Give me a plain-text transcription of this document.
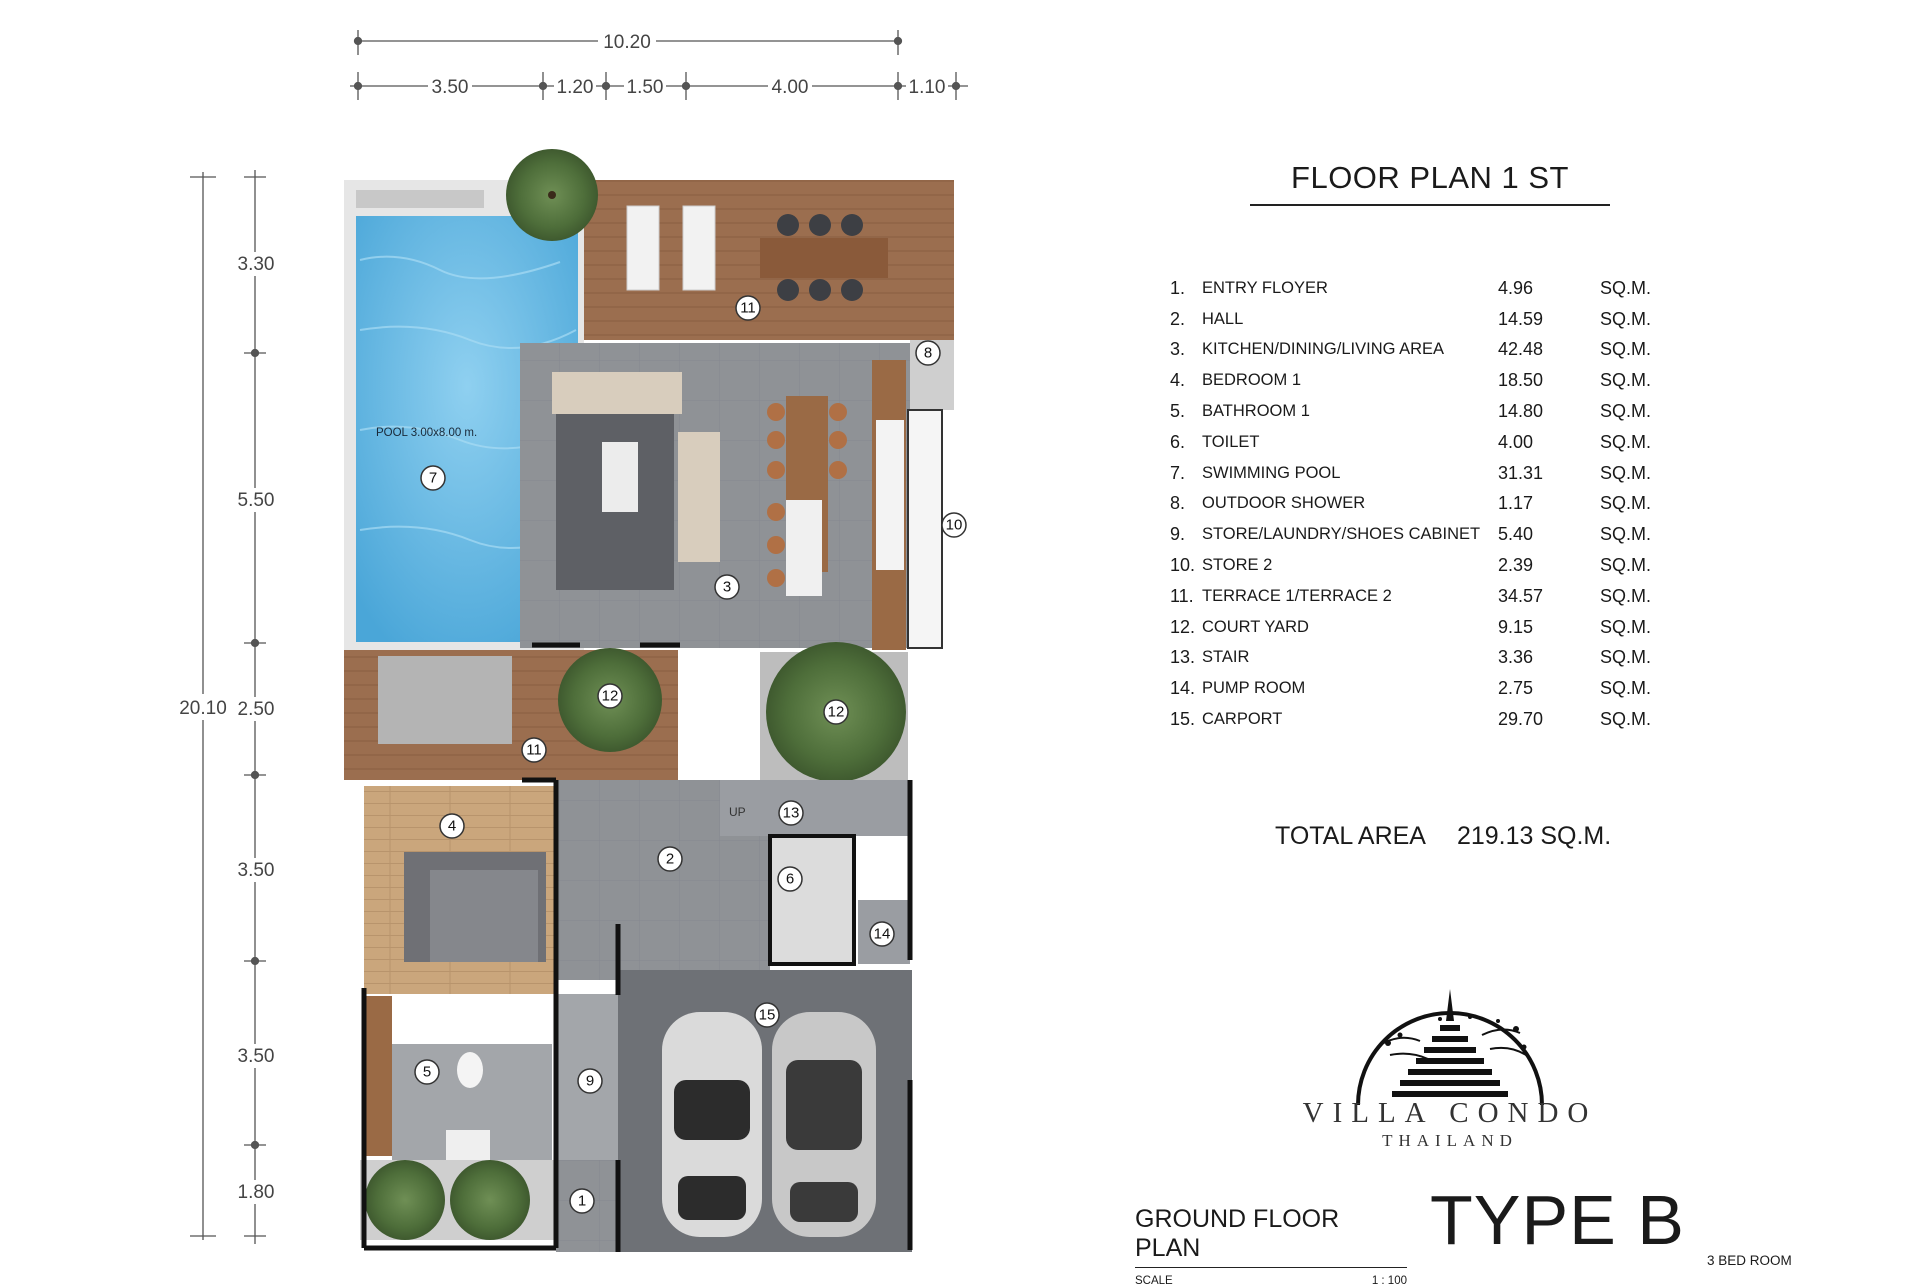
10.20
3.50	1.20 1.50	4.00	1.10
20.10
3.30
5.50
2.50
3.50
3.50
1.80
POOL 3.00x8.00 m.
UP
11
8
7
3
10
12
12
11
4
13
2
6
14
15
5
9
1
FLOOR PLAN 1 ST
1.	ENTRY FLOYER	4.96	SQ.M.
2.	HALL	14.59	SQ.M.
3.	KITCHEN/DINING/LIVING AREA	42.48	SQ.M.
4.	BEDROOM 1	18.50	SQ.M.
5.	BATHROOM 1	14.80	SQ.M.
6.	TOILET	4.00	SQ.M.
7.	SWIMMING POOL	31.31	SQ.M.
8.	OUTDOOR SHOWER	1.17	SQ.M.
9.	STORE/LAUNDRY/SHOES CABINET	5.40	SQ.M.
10.	STORE 2	2.39	SQ.M.
11.	TERRACE 1/TERRACE 2	34.57	SQ.M.
12.	COURT YARD	9.15	SQ.M.
13.	STAIR	3.36	SQ.M.
14.	PUMP ROOM	2.75	SQ.M.
15.	CARPORT	29.70	SQ.M.
TOTAL AREA 219.13 SQ.M.
VILLA CONDO
THAILAND
GROUND FLOOR PLAN
SCALE	1 : 100
TYPE B
3 BED ROOM
